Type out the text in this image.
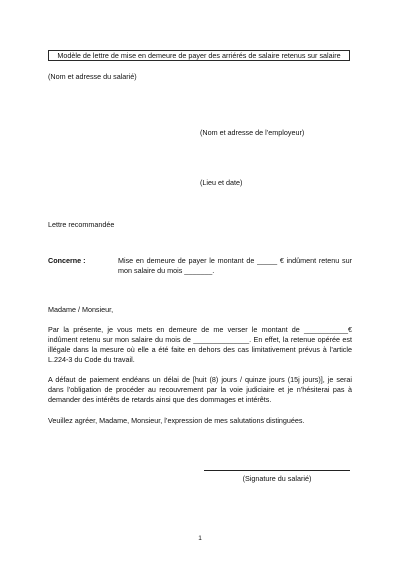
Modèle de lettre de mise en demeure de payer des arriérés de salaire retenus sur salaire
(Nom et adresse du salarié)
(Nom et adresse de l’employeur)
(Lieu et date)
Lettre recommandée
Concerne :	Mise en demeure de payer le montant de _____ € indûment retenu sur mon salaire du mois _______.
Madame / Monsieur,
Par la présente, je vous mets en demeure de me verser le montant de ___________€ indûment retenu sur mon salaire du mois de ______________. En effet, la retenue opérée est illégale dans la mesure où elle a été faite en dehors des cas limitativement prévus à l’article L.224-3 du Code du travail.
A défaut de paiement endéans un délai de [huit (8) jours / quinze jours (15j jours)], je serai dans l’obligation de procéder au recouvrement par la voie judiciaire et je n’hésiterai pas à demander des intérêts de retards ainsi que des dommages et intérêts.
Veuillez agréer, Madame, Monsieur, l’expression de mes salutations distinguées.
(Signature du salarié)
1
